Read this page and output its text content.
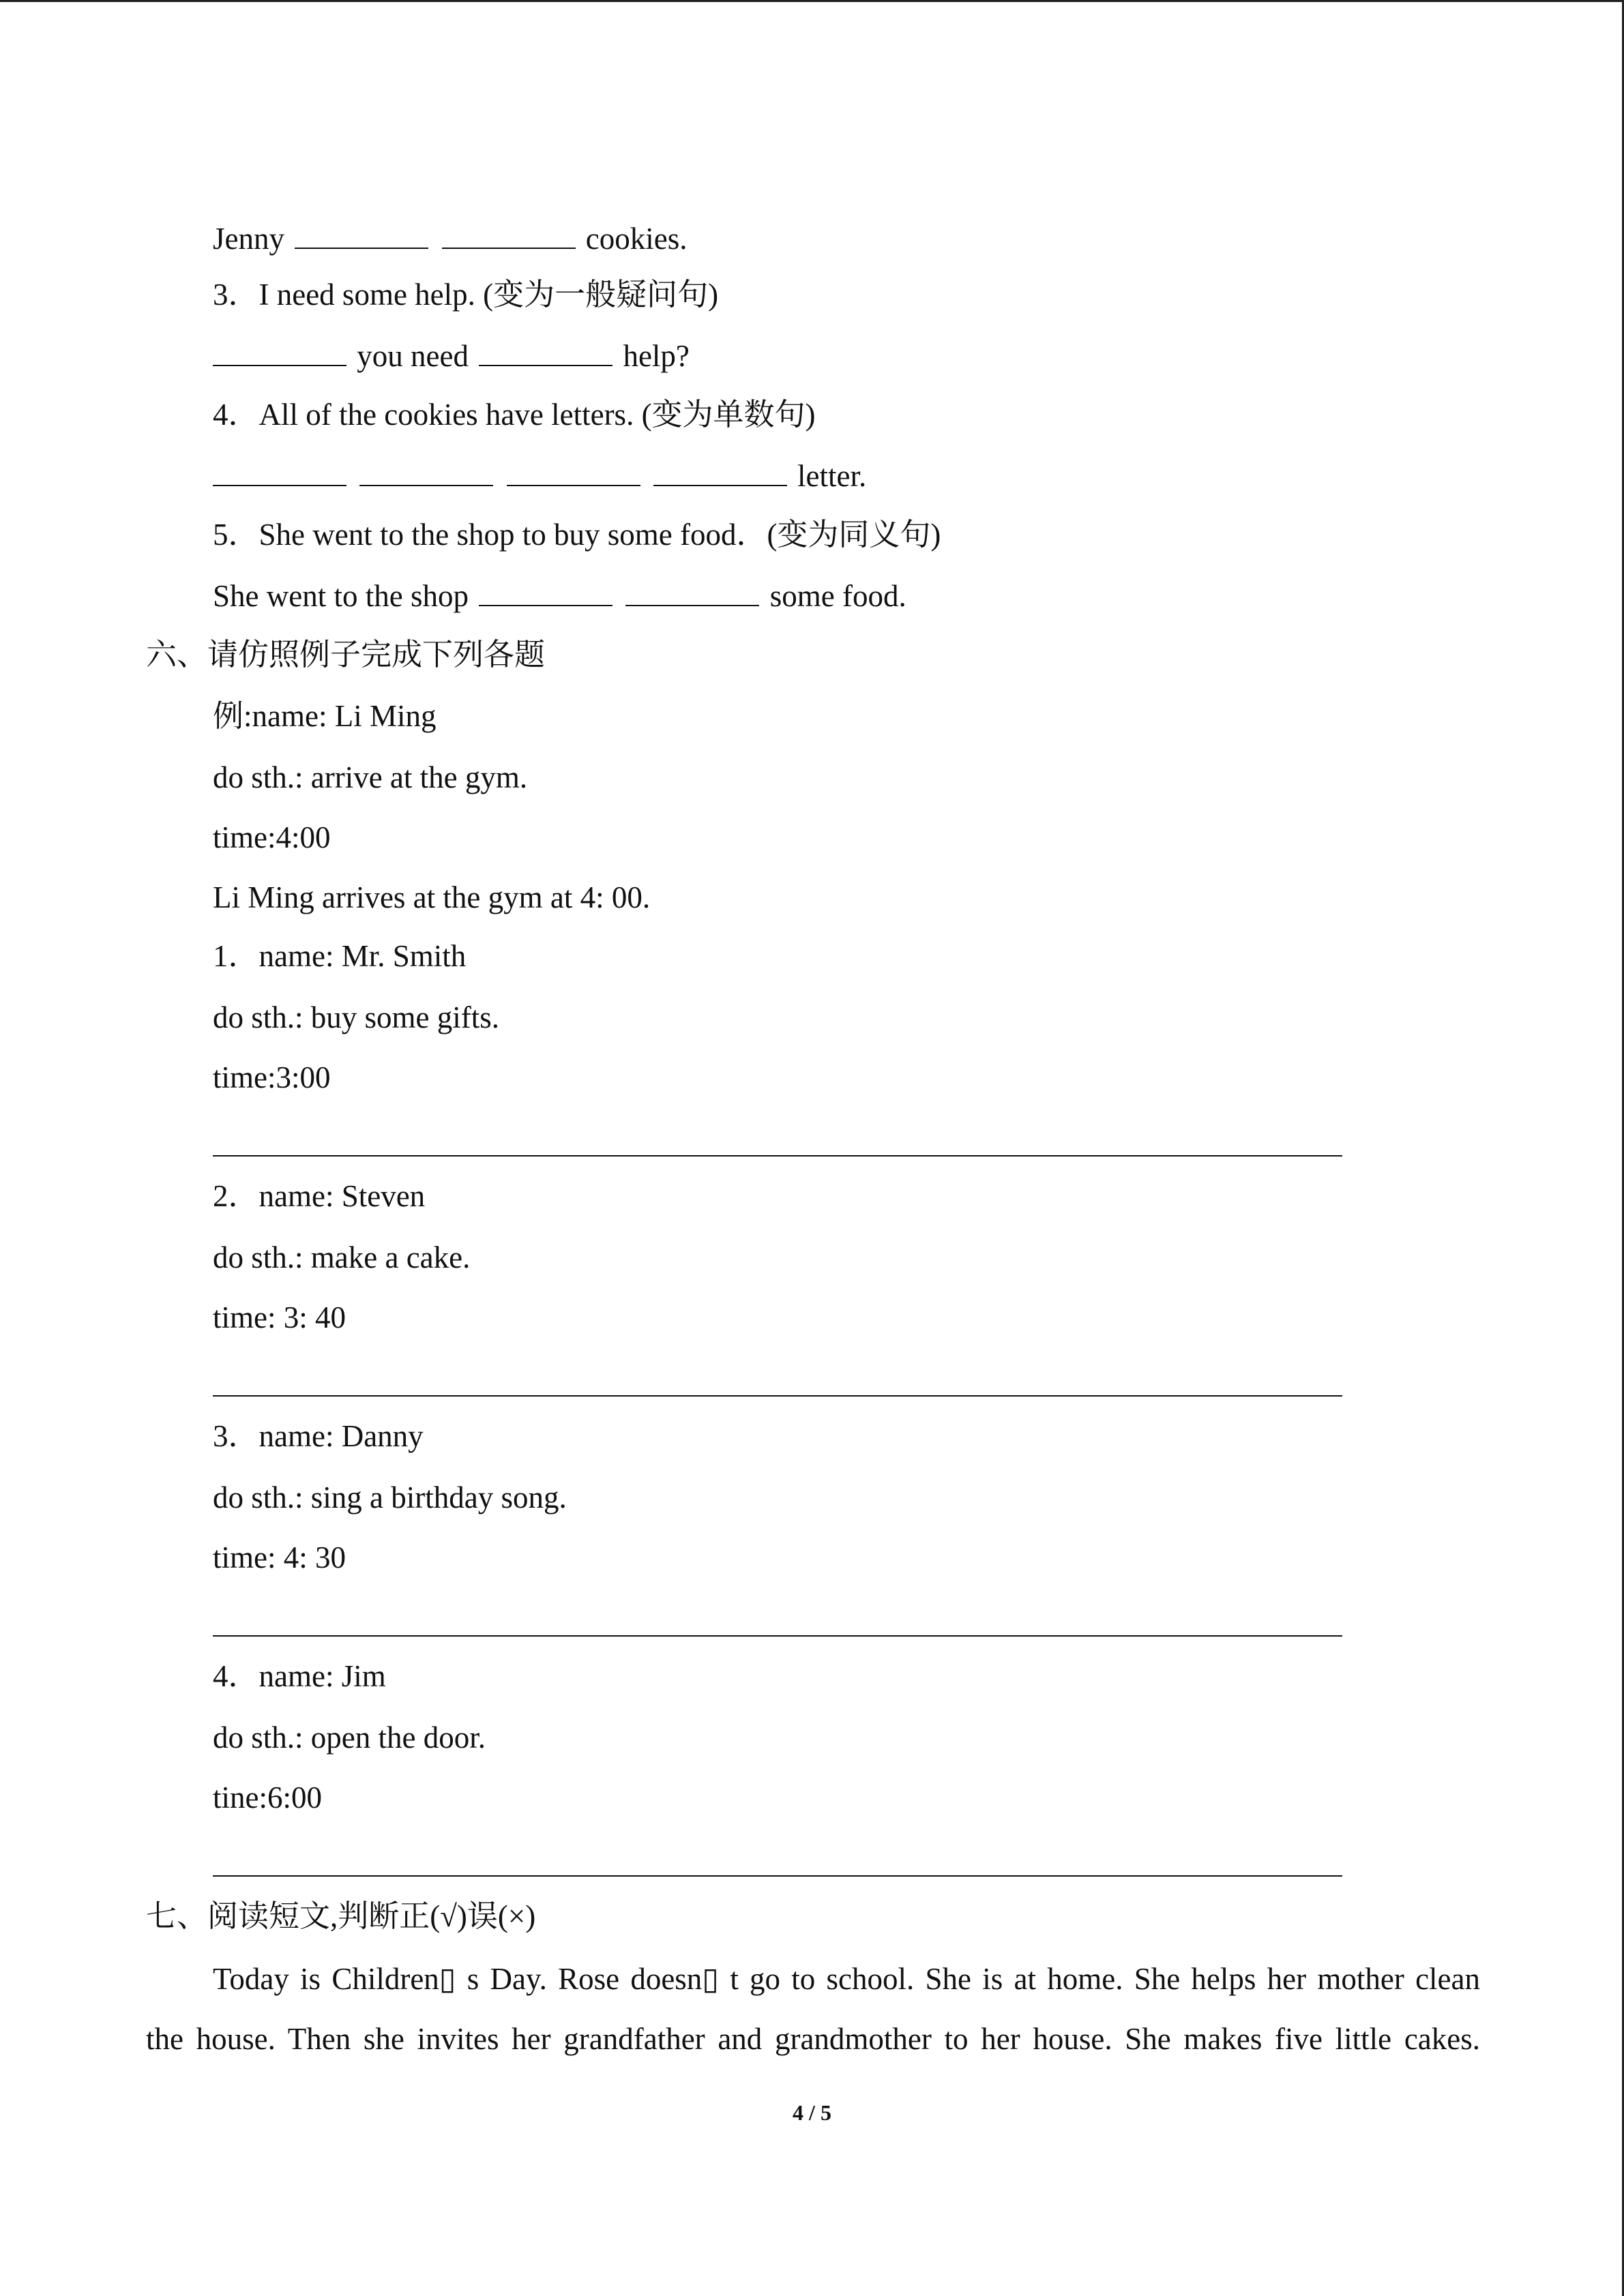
Jenny	cookies.
3．I need some help. (变为一般疑问句)
you need	help?
4．All of the cookies have letters. (变为单数句)
letter.
5．She went to the shop to buy some food．(变为同义句)
She went to the shop	some food.
六、请仿照例子完成下列各题
例:name: Li Ming
do sth.: arrive at the gym.
time:4:00
Li Ming arrives at the gym at 4: 00.
1．name: Mr. Smith
do sth.: buy some gifts.
time:3:00
2．name: Steven
do sth.: make a cake.
time: 3: 40
3．name: Danny
do sth.: sing a birthday song.
time: 4: 30
4．name: Jim
do sth.: open the door.
tine:6:00
七、阅读短文,判断正(√)误(×)
Today is Children▯ s Day. Rose doesn▯ t go to school. She is at home. She helps her mother clean
the house. Then she invites her grandfather and grandmother to her house. She makes five little cakes.
4 / 5
